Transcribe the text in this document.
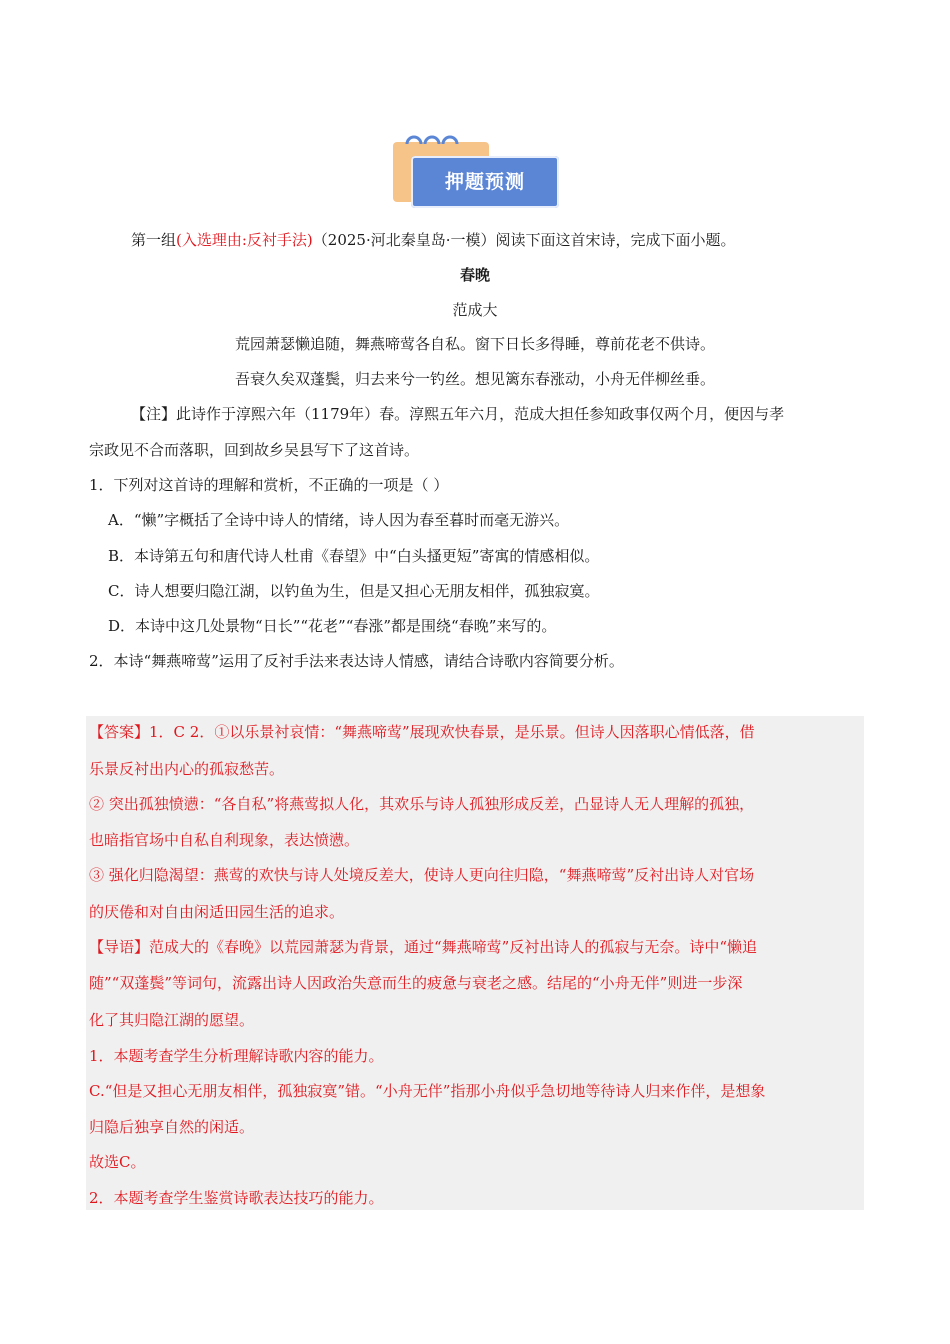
押题预测
第一组(入选理由:反衬手法)（2025·河北秦皇岛·一模）阅读下面这首宋诗，完成下面小题。
春晚
范成大
荒园萧瑟懒追随，舞燕啼莺各自私。窗下日长多得睡，尊前花老不供诗。
吾衰久矣双蓬鬓，归去来兮一钓丝。想见篱东春涨动，小舟无伴柳丝垂。
【注】此诗作于淳熙六年（1179年）春。淳熙五年六月，范成大担任参知政事仅两个月，便因与孝
宗政见不合而落职，回到故乡吴县写下了这首诗。
1．下列对这首诗的理解和赏析，不正确的一项是（ ）
A．“懒”字概括了全诗中诗人的情绪，诗人因为春至暮时而毫无游兴。
B．本诗第五句和唐代诗人杜甫《春望》中“白头搔更短”寄寓的情感相似。
C．诗人想要归隐江湖，以钓鱼为生，但是又担心无朋友相伴，孤独寂寞。
D．本诗中这几处景物“日长”“花老”“春涨”都是围绕“春晚”来写的。
2．本诗“舞燕啼莺”运用了反衬手法来表达诗人情感，请结合诗歌内容简要分析。
【答案】1．C 2．①以乐景衬哀情：“舞燕啼莺”展现欢快春景，是乐景。但诗人因落职心情低落，借
乐景反衬出内心的孤寂愁苦。
② 突出孤独愤懑：“各自私”将燕莺拟人化，其欢乐与诗人孤独形成反差，凸显诗人无人理解的孤独，
也暗指官场中自私自利现象，表达愤懑。
③ 强化归隐渴望：燕莺的欢快与诗人处境反差大，使诗人更向往归隐，“舞燕啼莺”反衬出诗人对官场
的厌倦和对自由闲适田园生活的追求。
【导语】范成大的《春晚》以荒园萧瑟为背景，通过“舞燕啼莺”反衬出诗人的孤寂与无奈。诗中“懒追
随”“双蓬鬓”等词句，流露出诗人因政治失意而生的疲惫与衰老之感。结尾的“小舟无伴”则进一步深
化了其归隐江湖的愿望。
1．本题考查学生分析理解诗歌内容的能力。
C.“但是又担心无朋友相伴，孤独寂寞”错。“小舟无伴”指那小舟似乎急切地等待诗人归来作伴，是想象
归隐后独享自然的闲适。
故选C。
2．本题考查学生鉴赏诗歌表达技巧的能力。
